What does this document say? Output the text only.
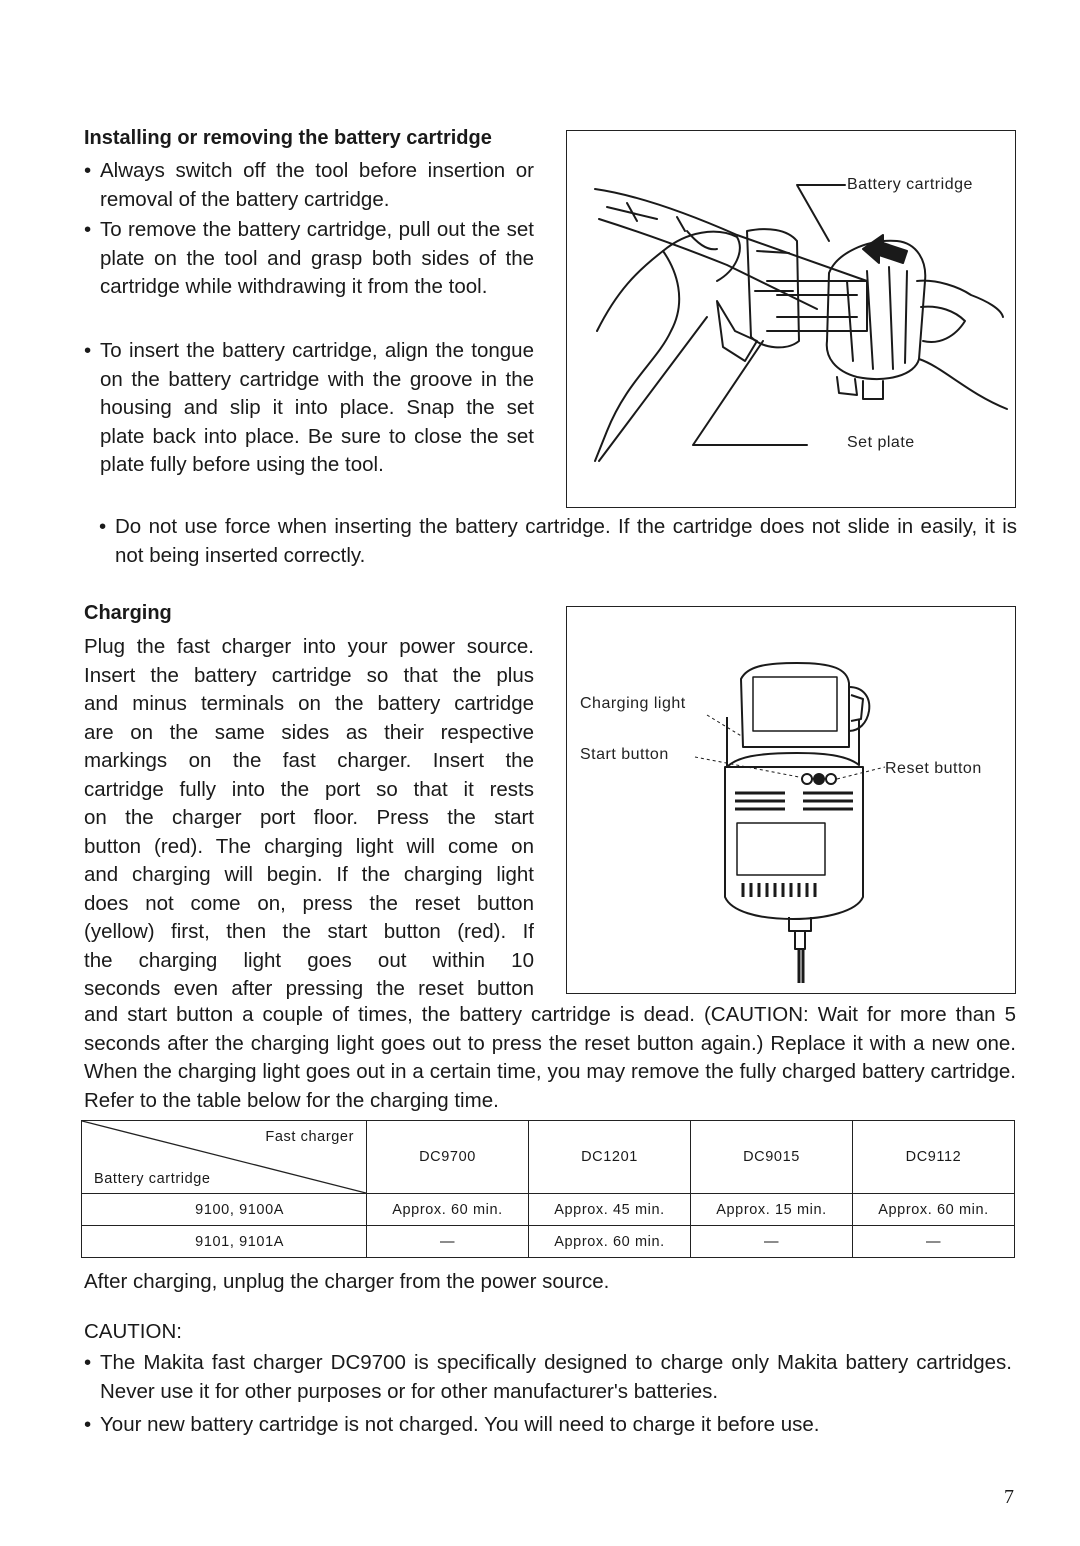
Installing or removing the battery cartridge
• Always switch off the tool before insertion or removal of the battery cartridge.
• To remove the battery cartridge, pull out the set plate on the tool and grasp both sides of the cartridge while withdrawing it from the tool.
• To insert the battery cartridge, align the tongue on the battery cartridge with the groove in the housing and slip it into place. Snap the set plate back into place. Be sure to close the set plate fully before using the tool.
• Do not use force when inserting the battery cartridge. If the cartridge does not slide in easily, it is not being inserted correctly.
Battery cartridge
Set plate
Charging
Plug the fast charger into your power source.
Insert the battery cartridge so that the plus
and minus terminals on the battery cartridge
are on the same sides as their respective
markings on the fast charger. Insert the
cartridge fully into the port so that it rests
on the charger port floor. Press the start
button (red). The charging light will come on
and charging will begin. If the charging light
does not come on, press the reset button
(yellow) first, then the start button (red). If
the charging light goes out within 10
seconds even after pressing the reset button
and start button a couple of times, the battery cartridge is dead. (CAUTION: Wait for more than 5 seconds after the charging light goes out to press the reset button again.) Replace it with a new one. When the charging light goes out in a certain time, you may remove the fully charged battery cartridge. Refer to the table below for the charging time.
Charging light
Start button
Reset button
Fast charger
Battery cartridge	DC9700	DC1201	DC9015	DC9112
9100, 9100A	Approx. 60 min.	Approx. 45 min.	Approx. 15 min.	Approx. 60 min.
9101, 9101A	—	Approx. 60 min.	—	—
After charging, unplug the charger from the power source.
CAUTION:
• The Makita fast charger DC9700 is specifically designed to charge only Makita battery cartridges. Never use it for other purposes or for other manufacturer's batteries.
• Your new battery cartridge is not charged. You will need to charge it before use.
7
